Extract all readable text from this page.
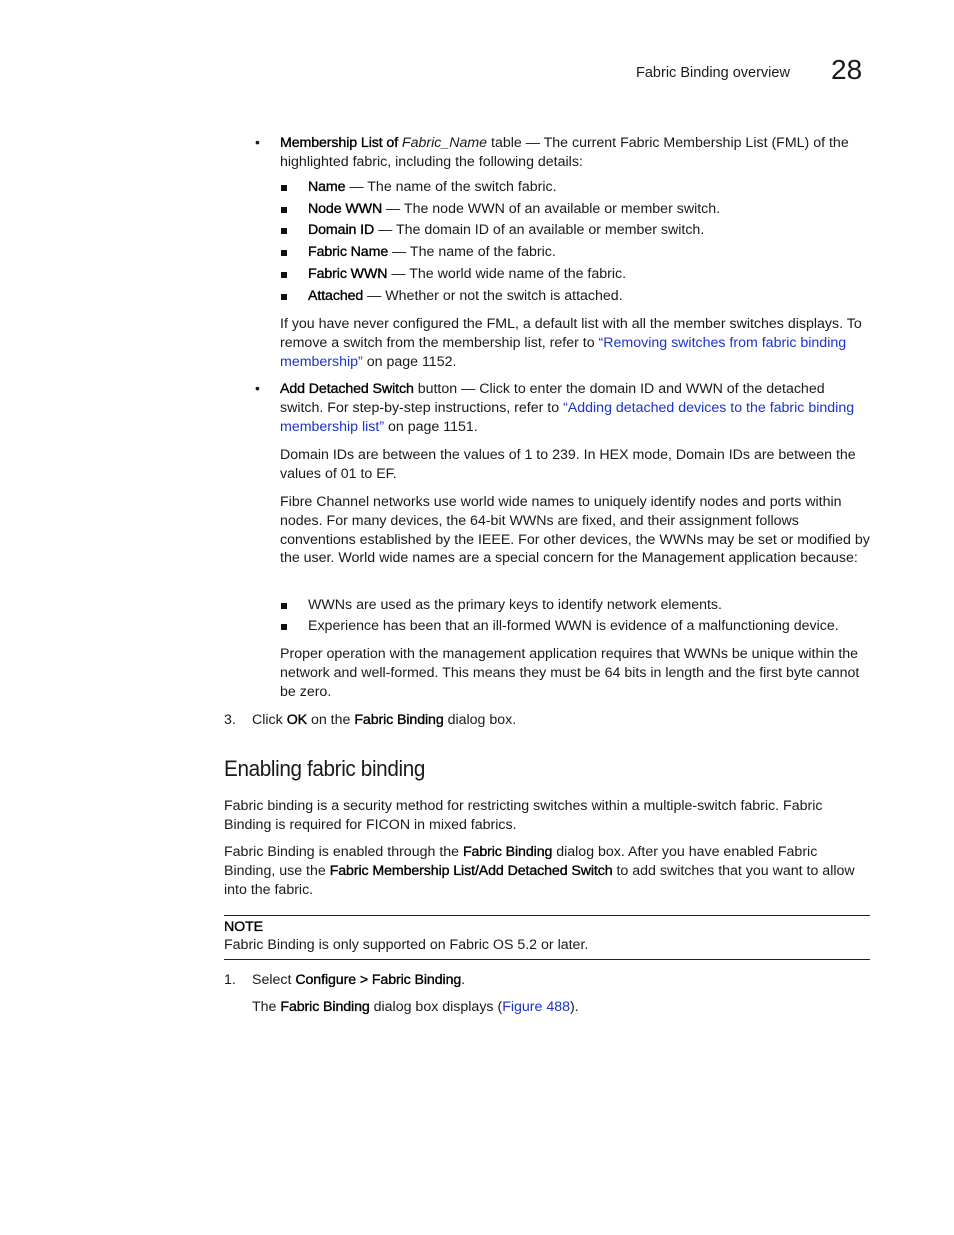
Fabric Binding overview 28
• Membership List of Fabric_Name table — The current Fabric Membership List (FML) of the highlighted fabric, including the following details:
Name — The name of the switch fabric.
Node WWN — The node WWN of an available or member switch.
Domain ID — The domain ID of an available or member switch.
Fabric Name — The name of the fabric.
Fabric WWN — The world wide name of the fabric.
Attached — Whether or not the switch is attached.
If you have never configured the FML, a default list with all the member switches displays. To remove a switch from the membership list, refer to “Removing switches from fabric binding membership” on page 1152.
• Add Detached Switch button — Click to enter the domain ID and WWN of the detached switch. For step-by-step instructions, refer to “Adding detached devices to the fabric binding membership list” on page 1151.
Domain IDs are between the values of 1 to 239. In HEX mode, Domain IDs are between the values of 01 to EF.
Fibre Channel networks use world wide names to uniquely identify nodes and ports within nodes. For many devices, the 64-bit WWNs are fixed, and their assignment follows conventions established by the IEEE. For other devices, the WWNs may be set or modified by the user. World wide names are a special concern for the Management application because:
WWNs are used as the primary keys to identify network elements.
Experience has been that an ill-formed WWN is evidence of a malfunctioning device.
Proper operation with the management application requires that WWNs be unique within the network and well-formed. This means they must be 64 bits in length and the first byte cannot be zero.
3. Click OK on the Fabric Binding dialog box.
Enabling fabric binding
Fabric binding is a security method for restricting switches within a multiple-switch fabric. Fabric Binding is required for FICON in mixed fabrics.
Fabric Binding is enabled through the Fabric Binding dialog box. After you have enabled Fabric Binding, use the Fabric Membership List/Add Detached Switch to add switches that you want to allow into the fabric.
NOTE
Fabric Binding is only supported on Fabric OS 5.2 or later.
1. Select Configure > Fabric Binding.
The Fabric Binding dialog box displays (Figure 488).
